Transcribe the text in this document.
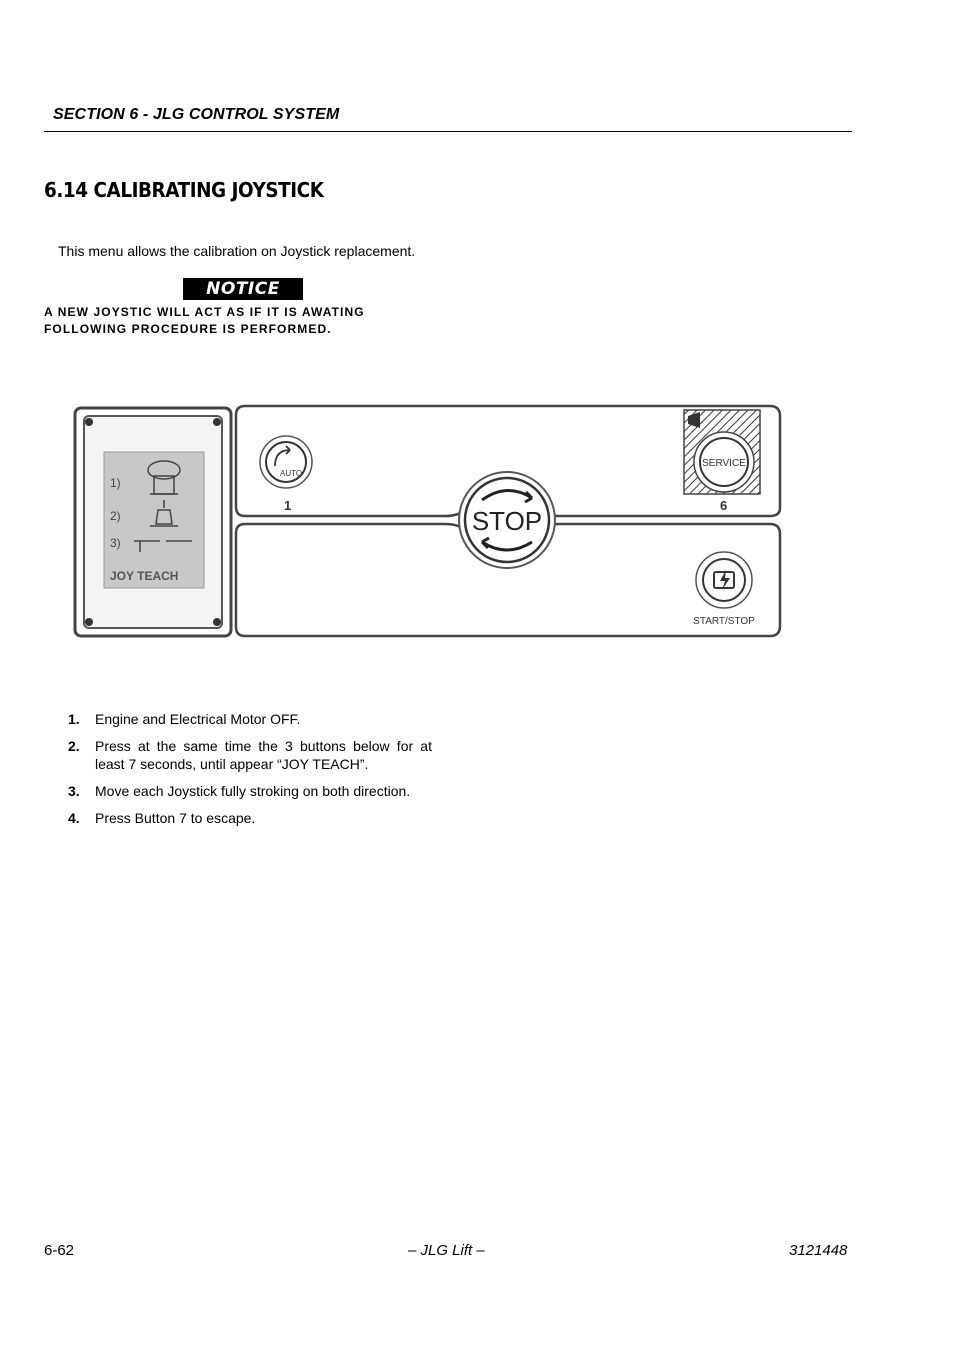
SECTION 6 - JLG CONTROL SYSTEM
6.14 CALIBRATING JOYSTICK
This menu allows the calibration on Joystick replacement.
NOTICE
A NEW JOYSTIC WILL ACT AS IF IT IS AWATING FOLLOWING PROCEDURE IS PERFORMED.
1)
2)
3)
JOY TEACH
AUTO
1
STOP
SERVICE
6
START/STOP
1. Engine and Electrical Motor OFF.
2. Press at the same time the 3 buttons below for at least 7 seconds, until appear “JOY TEACH”.
3. Move each Joystick fully stroking on both direction.
4. Press Button 7 to escape.
6-62	– JLG Lift –	3121448
